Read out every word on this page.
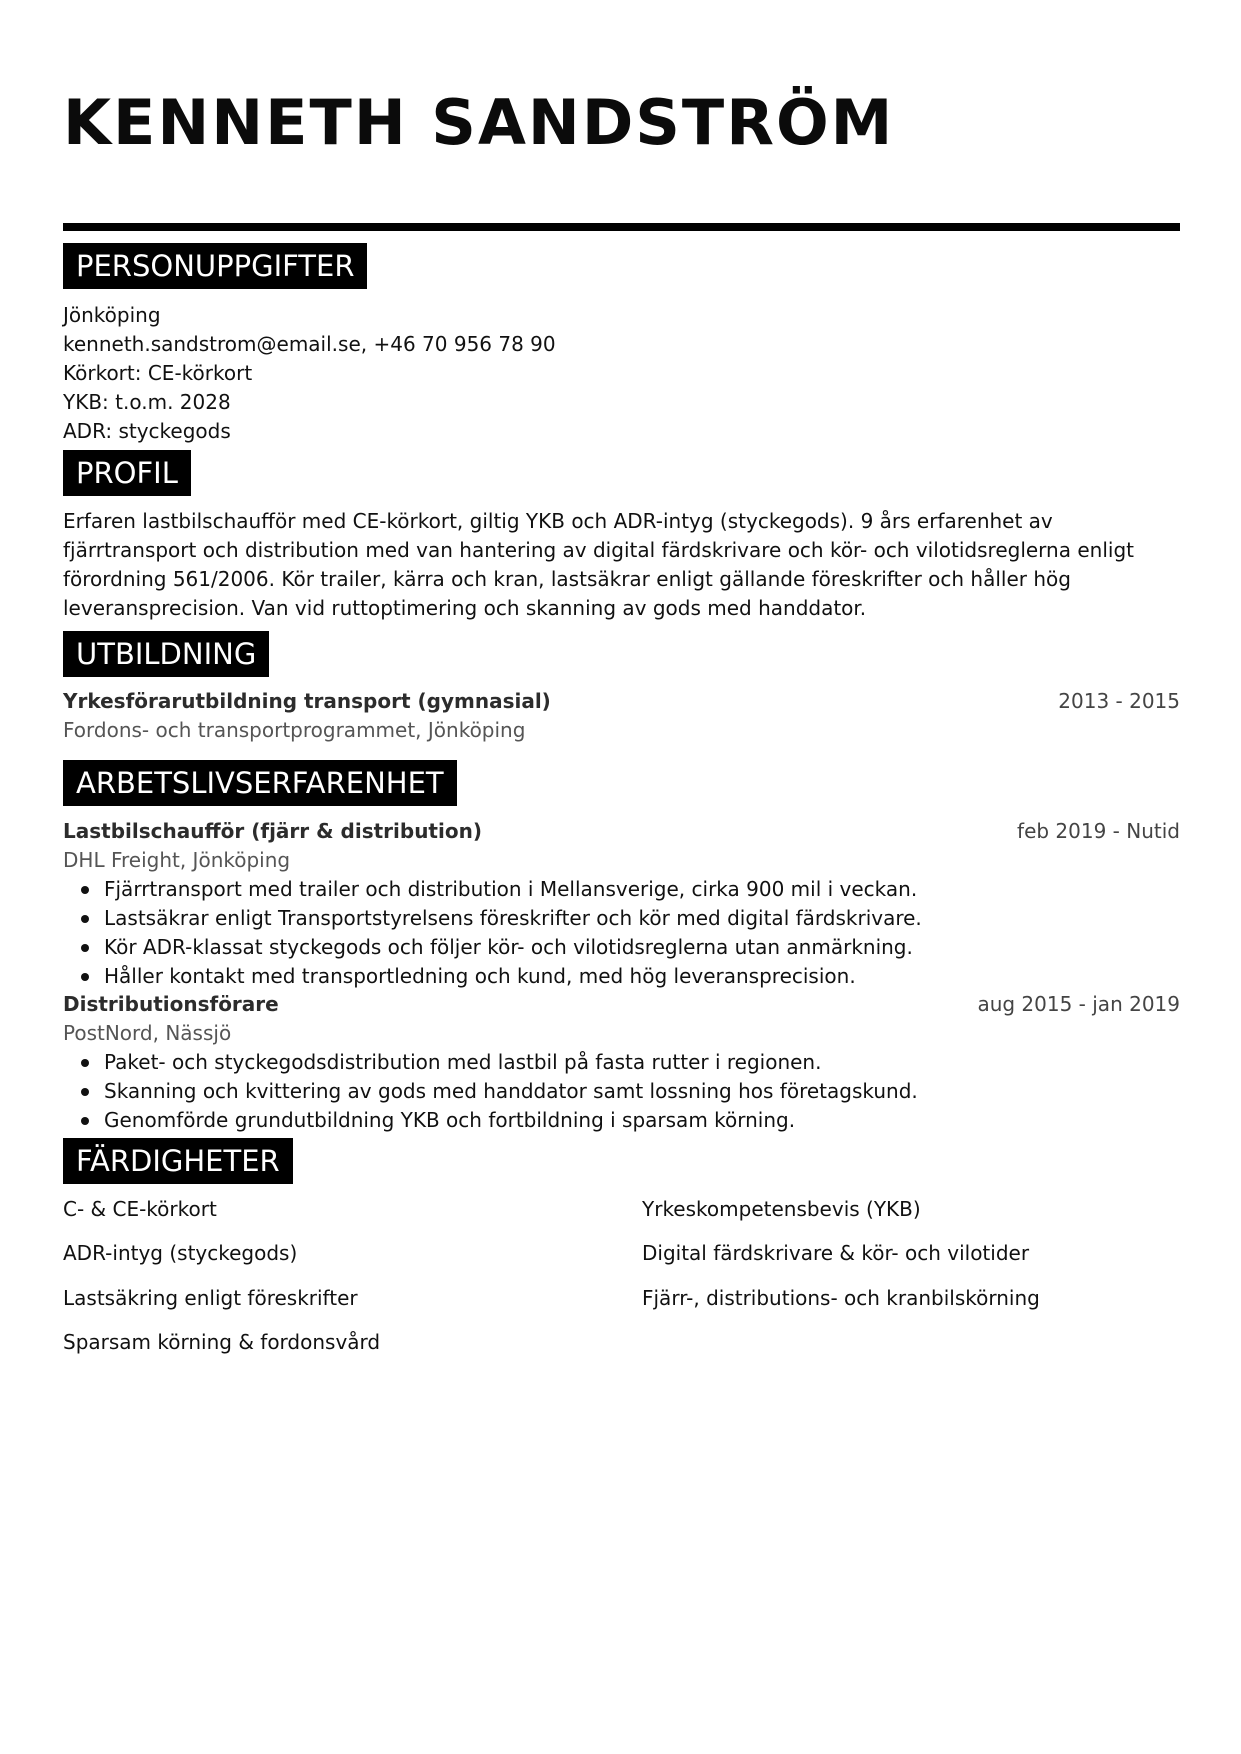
KENNETH SANDSTRÖM
PERSONUPPGIFTER
Jönköping
kenneth.sandstrom@email.se, +46 70 956 78 90
Körkort: CE-körkort
YKB: t.o.m. 2028
ADR: styckegods
PROFIL
Erfaren lastbilschaufför med CE-körkort, giltig YKB och ADR-intyg (styckegods). 9 års erfarenhet av
fjärrtransport och distribution med van hantering av digital färdskrivare och kör- och vilotidsreglerna enligt
förordning 561/2006. Kör trailer, kärra och kran, lastsäkrar enligt gällande föreskrifter och håller hög
leveransprecision. Van vid ruttoptimering och skanning av gods med handdator.
UTBILDNING
Yrkesförarutbildning transport (gymnasial)	2013 - 2015
Fordons- och transportprogrammet, Jönköping
ARBETSLIVSERFARENHET
Lastbilschaufför (fjärr & distribution)	feb 2019 - Nutid
DHL Freight, Jönköping
Fjärrtransport med trailer och distribution i Mellansverige, cirka 900 mil i veckan.
Lastsäkrar enligt Transportstyrelsens föreskrifter och kör med digital färdskrivare.
Kör ADR-klassat styckegods och följer kör- och vilotidsreglerna utan anmärkning.
Håller kontakt med transportledning och kund, med hög leveransprecision.
Distributionsförare	aug 2015 - jan 2019
PostNord, Nässjö
Paket- och styckegodsdistribution med lastbil på fasta rutter i regionen.
Skanning och kvittering av gods med handdator samt lossning hos företagskund.
Genomförde grundutbildning YKB och fortbildning i sparsam körning.
FÄRDIGHETER
C- & CE-körkort	Yrkeskompetensbevis (YKB)
ADR-intyg (styckegods)	Digital färdskrivare & kör- och vilotider
Lastsäkring enligt föreskrifter	Fjärr-, distributions- och kranbilskörning
Sparsam körning & fordonsvård
